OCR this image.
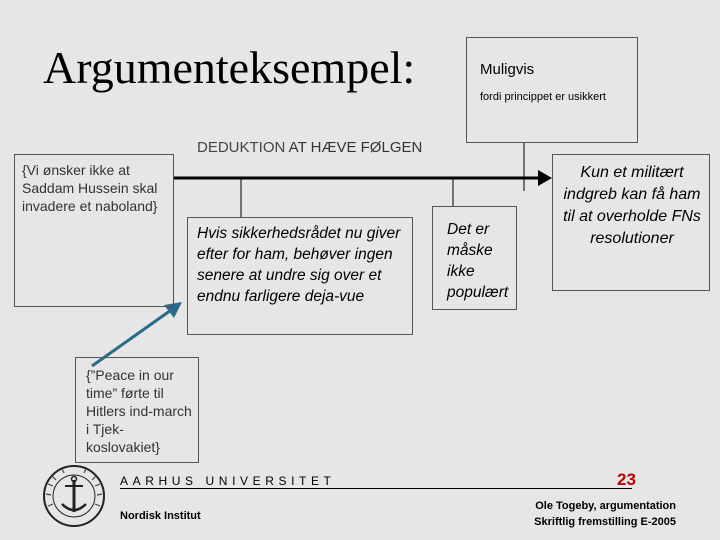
Argumenteksempel:	Muligvis
fordi princippet er usikkert
DEDUKTION AT HÆVE FØLGEN
{Vi ønsker ikke at Saddam Hussein skal invadere et naboland}
Hvis sikkerhedsrådet nu giver efter for ham, behøver ingen senere at undre sig over et endnu farligere deja-vue
Det er måske ikke populært
Kun et militært indgreb kan få ham til at overholde FNs resolutioner
{”Peace in our time” førte til Hitlers ind-march i Tjek-koslovakiet}
AARHUS UNIVERSITET
Nordisk Institut
23
Ole Togeby, argumentation
Skriftlig fremstilling E-2005
